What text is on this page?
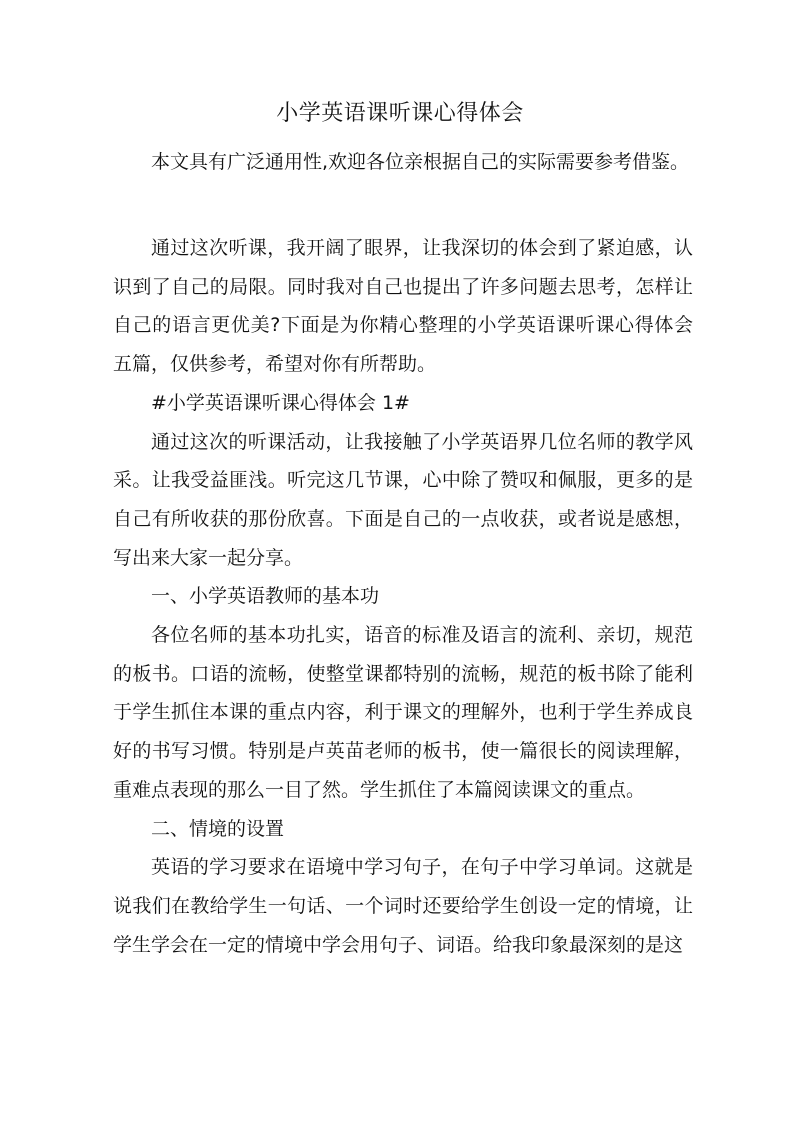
小学英语课听课心得体会
本文具有广泛通用性,欢迎各位亲根据自己的实际需要参考借鉴。

通过这次听课，我开阔了眼界，让我深切的体会到了紧迫感，认识到了自己的局限。同时我对自己也提出了许多问题去思考，怎样让自己的语言更优美?下面是为你精心整理的小学英语课听课心得体会五篇，仅供参考，希望对你有所帮助。

#小学英语课听课心得体会 1#

通过这次的听课活动，让我接触了小学英语界几位名师的教学风采。让我受益匪浅。听完这几节课，心中除了赞叹和佩服，更多的是自己有所收获的那份欣喜。下面是自己的一点收获，或者说是感想，写出来大家一起分享。

一、小学英语教师的基本功

各位名师的基本功扎实，语音的标准及语言的流利、亲切，规范的板书。口语的流畅，使整堂课都特别的流畅，规范的板书除了能利于学生抓住本课的重点内容，利于课文的理解外，也利于学生养成良好的书写习惯。特别是卢英苗老师的板书，使一篇很长的阅读理解，重难点表现的那么一目了然。学生抓住了本篇阅读课文的重点。

二、情境的设置

英语的学习要求在语境中学习句子，在句子中学习单词。这就是说我们在教给学生一句话、一个词时还要给学生创设一定的情境，让学生学会在一定的情境中学会用句子、词语。给我印象最深刻的是这
